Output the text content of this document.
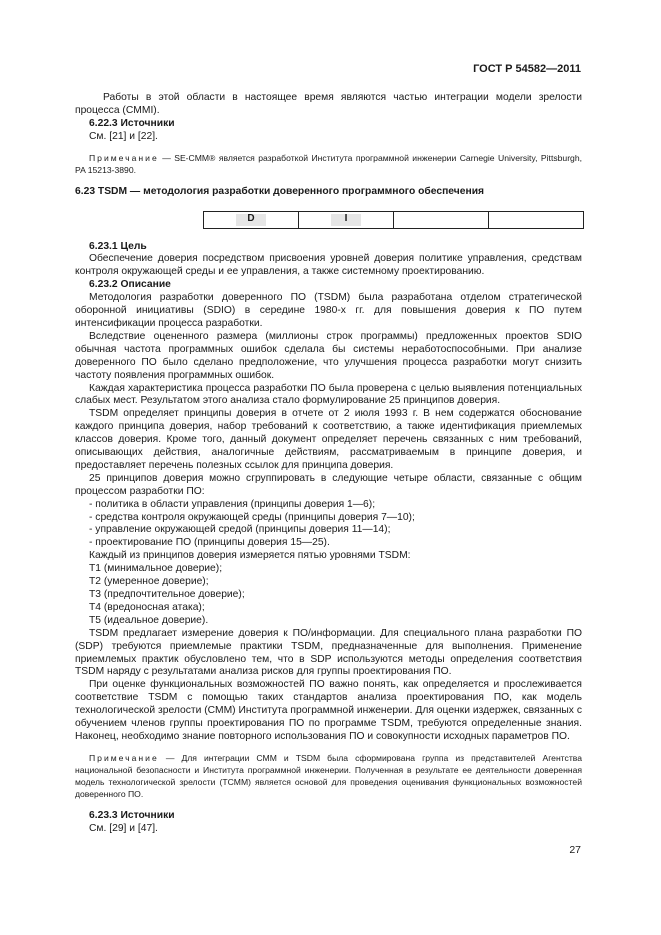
ГОСТ Р 54582—2011

Работы в этой области в настоящее время являются частью интеграции модели зрелости процесса (CMMI).

6.22.3 Источники

См. [21] и [22].

Примечание — SE-CMM® является разработкой Института программной инженерии Carnegie University, Pittsburgh, PA 15213-3890.

6.23 TSDM — методология разработки доверенного программного обеспечения

D	I

6.23.1 Цель

Обеспечение доверия посредством присвоения уровней доверия политике управления, средствам контроля окружающей среды и ее управления, а также системному проектированию.

6.23.2 Описание

Методология разработки доверенного ПО (TSDM) была разработана отделом стратегической оборонной инициативы (SDIO) в середине 1980-х гг. для повышения доверия к ПО путем интенсификации процесса разработки.

Вследствие оцененного размера (миллионы строк программы) предложенных проектов SDIO обычная частота программных ошибок сделала бы системы неработоспособными. При анализе доверенного ПО было сделано предположение, что улучшения процесса разработки могут снизить частоту появления программных ошибок.

Каждая характеристика процесса разработки ПО была проверена с целью выявления потенциальных слабых мест. Результатом этого анализа стало формулирование 25 принципов доверия.

TSDM определяет принципы доверия в отчете от 2 июля 1993 г. В нем содержатся обоснование каждого принципа доверия, набор требований к соответствию, а также идентификация приемлемых классов доверия. Кроме того, данный документ определяет перечень связанных с ним требований, описывающих действия, аналогичные действиям, рассматриваемым в принципе доверия, и предоставляет перечень полезных ссылок для принципа доверия.

25 принципов доверия можно сгруппировать в следующие четыре области, связанные с общим процессом разработки ПО:

- политика в области управления (принципы доверия 1—6);
- средства контроля окружающей среды (принципы доверия 7—10);
- управление окружающей средой (принципы доверия 11—14);
- проектирование ПО (принципы доверия 15—25).

Каждый из принципов доверия измеряется пятью уровнями TSDM:

Т1 (минимальное доверие);
Т2 (умеренное доверие);
Т3 (предпочтительное доверие);
Т4 (вредоносная атака);
Т5 (идеальное доверие).

TSDM предлагает измерение доверия к ПО/информации. Для специального плана разработки ПО (SDP) требуются приемлемые практики TSDM, предназначенные для выполнения. Применение приемлемых практик обусловлено тем, что в SDP используются методы определения соответствия TSDM наряду с результатами анализа рисков для группы проектирования ПО.

При оценке функциональных возможностей ПО важно понять, как определяется и прослеживается соответствие TSDM с помощью таких стандартов анализа проектирования ПО, как модель технологической зрелости (СММ) Института программной инженерии. Для оценки издержек, связанных с обучением членов группы проектирования ПО по программе TSDM, требуются определенные знания. Наконец, необходимо знание повторного использования ПО и совокупности исходных параметров ПО.

Примечание — Для интеграции СММ и TSDM была сформирована группа из представителей Агентства национальной безопасности и Института программной инженерии. Полученная в результате ее деятельности доверенная модель технологической зрелости (TCMM) является основой для проведения оценивания функциональных возможностей доверенного ПО.

6.23.3 Источники

См. [29] и [47].

27
